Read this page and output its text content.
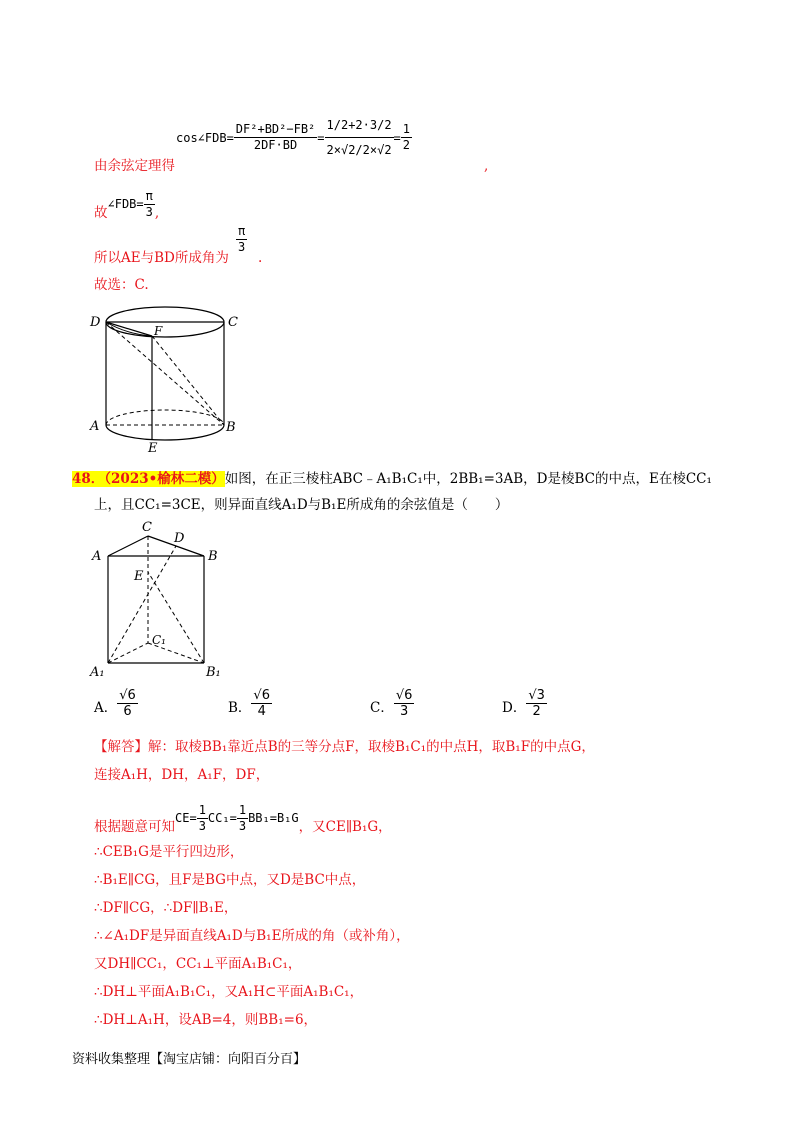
cos∠FDB= $\frac{\text{DF²+BD²−FB²}}{2DF\cdot BD} = \frac{1/2+2\cdot 3/2}{2\times√2/2\times√2} = \frac{1}{2}$
,
由余弦定理得
故
∠FDB= $\frac{\pi}{3}$ ,
所以AE与BD所成角为
$\frac{\pi}{3}$
.
故选：C.
D	C
F
A	B
E
48．（2023•榆林二模）如图，在正三棱柱ABC﹣A₁B₁C₁中，2BB₁=3AB，D是棱BC的中点，E在棱CC₁
上，且CC₁=3CE，则异面直线A₁D与B₁E所成角的余弦值是（　　）
C
D
A	B
E
C₁
A₁	B₁
A． $\frac{√6}{6}$	B． $\frac{√6}{4}$	C． $\frac{√6}{3}$	D． $\frac{√3}{2}$
【解答】解：取棱BB₁靠近点B的三等分点F，取棱B₁C₁的中点H，取B₁F的中点G，
连接A₁H，DH，A₁F，DF，
根据题意可知
$CE= \frac{1}{3} CC_1= \frac{1}{3} BB_1=B_1G$
，又CE∥B₁G，
∴CEB₁G是平行四边形，
∴B₁E∥CG，且F是BG中点，又D是BC中点，
∴DF∥CG，∴DF∥B₁E，
∴∠A₁DF是异面直线A₁D与B₁E所成的角（或补角），
又DH∥CC₁，CC₁⊥平面A₁B₁C₁，
∴DH⊥平面A₁B₁C₁，又A₁H⊂平面A₁B₁C₁，
∴DH⊥A₁H，设AB=4，则BB₁=6，
资料收集整理【淘宝店铺：向阳百分百】
